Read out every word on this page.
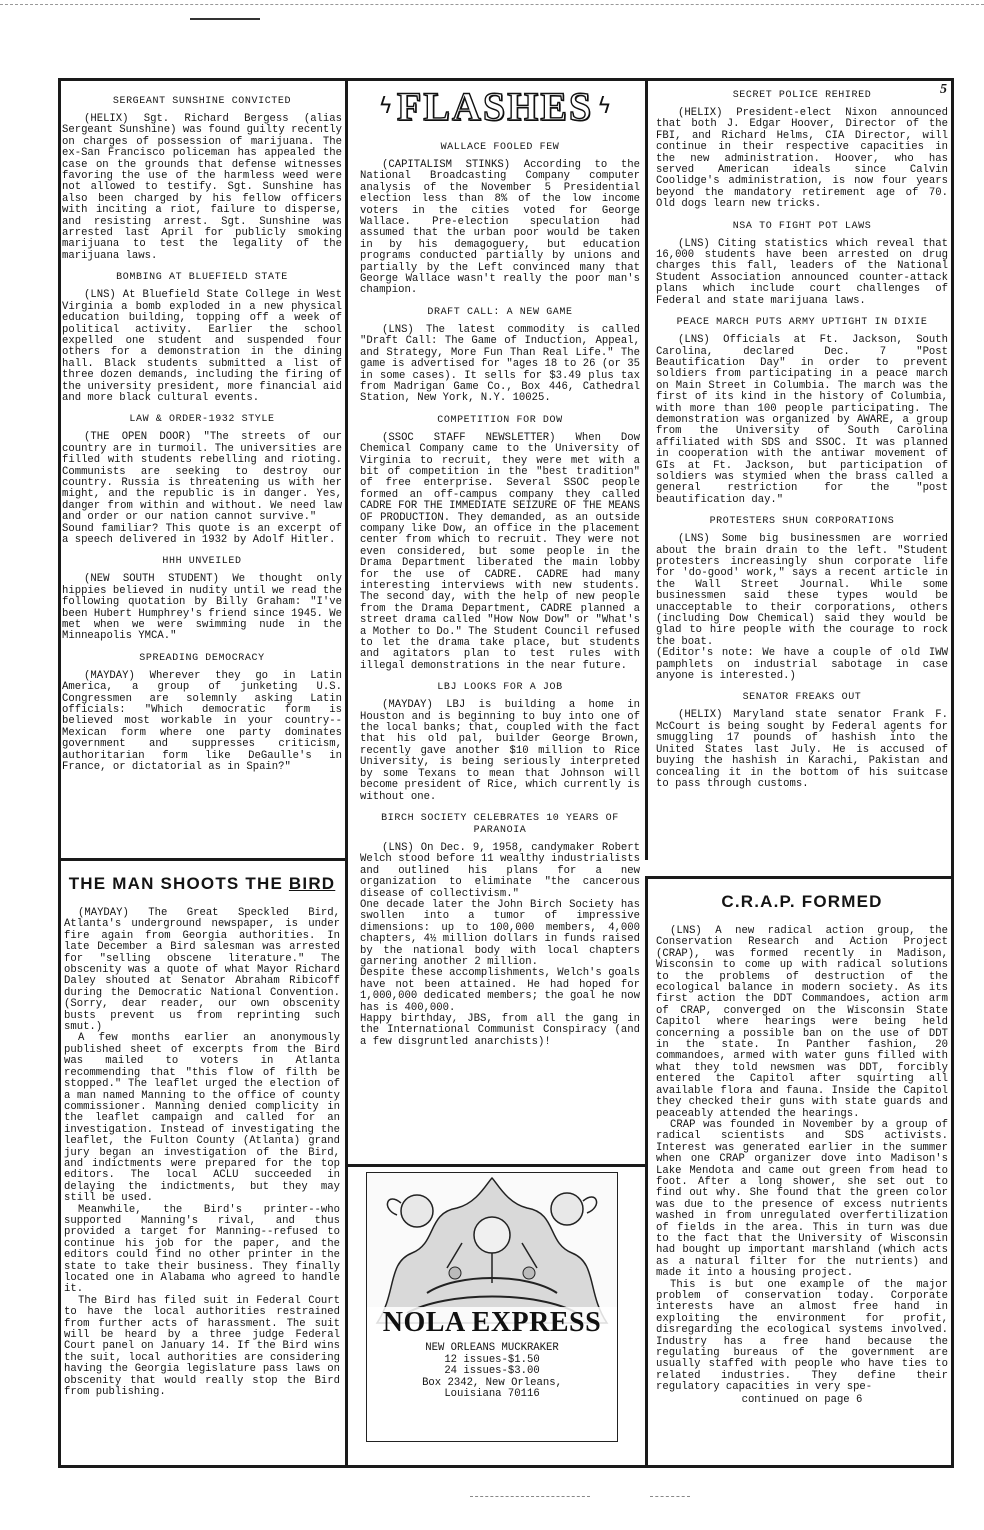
5
ϟ FLASHES ϟ
SERGEANT SUNSHINE CONVICTED

(HELIX) Sgt. Richard Bergess (alias Sergeant Sunshine) was found guilty recently on charges of possession of marijuana. The ex-San Francisco policeman has appealed the case on the grounds that defense witnesses favoring the use of the harmless weed were not allowed to testify. Sgt. Sunshine has also been charged by his fellow officers with inciting a riot, failure to disperse, and resisting arrest. Sgt. Sunshine was arrested last April for publicly smoking marijuana to test the legality of the marijuana laws.

BOMBING AT BLUEFIELD STATE

(LNS) At Bluefield State College in West Virginia a bomb exploded in a new physical education building, topping off a week of political activity. Earlier the school expelled one student and suspended four others for a demonstration in the dining hall. Black students submitted a list of three dozen demands, including the firing of the university president, more financial aid and more black cultural events.

LAW & ORDER-1932 STYLE

(THE OPEN DOOR) "The streets of our country are in turmoil. The universities are filled with students rebelling and rioting. Communists are seeking to destroy our country. Russia is threatening us with her might, and the republic is in danger. Yes, danger from within and without. We need law and order or our nation cannot survive."
Sound familiar? This quote is an excerpt of a speech delivered in 1932 by Adolf Hitler.

HHH UNVEILED

(NEW SOUTH STUDENT) We thought only hippies believed in nudity until we read the following quotation by Billy Graham: "I've been Hubert Humphrey's friend since 1945. We met when we were swimming nude in the Minneapolis YMCA."

SPREADING DEMOCRACY

(MAYDAY) Wherever they go in Latin America, a group of junketing U.S. Congressmen are solemnly asking Latin officials: "Which democratic form is believed most workable in your country--Mexican form where one party dominates government and suppresses criticism, authoritarian form like DeGaulle's in France, or dictatorial as in Spain?"

WALLACE FOOLED FEW

(CAPITALISM STINKS) According to the National Broadcasting Company computer analysis of the November 5 Presidential election less than 8% of the low income voters in the cities voted for George Wallace. Pre-election speculation had assumed that the urban poor would be taken in by his demagoguery, but education programs conducted partially by unions and partially by the Left convinced many that George Wallace wasn't really the poor man's champion.

DRAFT CALL: A NEW GAME

(LNS) The latest commodity is called "Draft Call: The Game of Induction, Appeal, and Strategy, More Fun Than Real Life." The game is advertised for "ages 18 to 26 (or 35 in some cases). It sells for $3.49 plus tax from Madrigan Game Co., Box 446, Cathedral Station, New York, N.Y. 10025.

COMPETITION FOR DOW

(SSOC STAFF NEWSLETTER) When Dow Chemical Company came to the University of Virginia to recruit, they were met with a bit of competition in the "best tradition" of free enterprise. Several SSOC people formed an off-campus company they called CADRE FOR THE IMMEDIATE SEIZURE OF THE MEANS OF PRODUCTION. They demanded, as an outside company like Dow, an office in the placement center from which to recruit. They were not even considered, but some people in the Drama Department liberated the main lobby for the use of CADRE. CADRE had many interesting interviews with new students. The second day, with the help of new people from the Drama Department, CADRE planned a street drama called "How Now Dow" or "What's a Mother to Do." The Student Council refused to let the drama take place, but students and agitators plan to test rules with illegal demonstrations in the near future.

LBJ LOOKS FOR A JOB

(MAYDAY) LBJ is building a home in Houston and is beginning to buy into one of the local banks; that, coupled with the fact that his old pal, builder George Brown, recently gave another $10 million to Rice University, is being seriously interpreted by some Texans to mean that Johnson will become president of Rice, which currently is without one.

BIRCH SOCIETY CELEBRATES 10 YEARS OF PARANOIA

(LNS) On Dec. 9, 1958, candymaker Robert Welch stood before 11 wealthy industrialists and outlined his plans for a new organization to eliminate "the cancerous disease of collectivism."
One decade later the John Birch Society has swollen into a tumor of impressive dimensions: up to 100,000 members, 4,000 chapters, 4½ million dollars in funds raised by the national body with local chapters garnering another 2 million.
Despite these accomplishments, Welch's goals have not been attained. He had hoped for 1,000,000 dedicated members; the goal he now has is 400,000.
Happy birthday, JBS, from all the gang in the International Communist Conspiracy (and a few disgruntled anarchists)!

SECRET POLICE REHIRED

(HELIX) President-elect Nixon announced that both J. Edgar Hoover, Director of the FBI, and Richard Helms, CIA Director, will continue in their respective capacities in the new administration. Hoover, who has served American ideals since Calvin Coolidge's administration, is now four years beyond the mandatory retirement age of 70. Old dogs learn new tricks.

NSA TO FIGHT POT LAWS

(LNS) Citing statistics which reveal that 16,000 students have been arrested on drug charges this fall, leaders of the National Student Association announced counter-attack plans which include court challenges of Federal and state marijuana laws.

PEACE MARCH PUTS ARMY UPTIGHT IN DIXIE

(LNS) Officials at Ft. Jackson, South Carolina, declared Dec. 7 "Post Beautification Day" in order to prevent soldiers from participating in a peace march on Main Street in Columbia. The march was the first of its kind in the history of Columbia, with more than 100 people participating. The demonstration was organized by AWARE, a group from the University of South Carolina affiliated with SDS and SSOC. It was planned in cooperation with the antiwar movement of GIs at Ft. Jackson, but participation of soldiers was stymied when the brass called a general restriction for the "post beautification day."

PROTESTERS SHUN CORPORATIONS

(LNS) Some big businessmen are worried about the brain drain to the left. "Student protesters increasingly shun corporate life for 'do-good' work," says a recent article in the Wall Street Journal. While some businessmen said these types would be unacceptable to their corporations, others (including Dow Chemical) said they would be glad to hire people with the courage to rock the boat.
(Editor's note: We have a couple of old IWW pamphlets on industrial sabotage in case anyone is interested.)

SENATOR FREAKS OUT

(HELIX) Maryland state senator Frank F. McCourt is being sought by Federal agents for smuggling 17 pounds of hashish into the United States last July. He is accused of buying the hashish in Karachi, Pakistan and concealing it in the bottom of his suitcase to pass through customs.

THE MAN SHOOTS THE BIRD

(MAYDAY) The Great Speckled Bird, Atlanta's underground newspaper, is under fire again from Georgia authorities. In late December a Bird salesman was arrested for "selling obscene literature." The obscenity was a quote of what Mayor Richard Daley shouted at Senator Abraham Ribicoff during the Democratic National Convention. (Sorry, dear reader, our own obscenity busts prevent us from reprinting such smut.)

A few months earlier an anonymously published sheet of excerpts from the Bird was mailed to voters in Atlanta recommending that "this flow of filth be stopped." The leaflet urged the election of a man named Manning to the office of county commissioner. Manning denied complicity in the leaflet campaign and called for an investigation. Instead of investigating the leaflet, the Fulton County (Atlanta) grand jury began an investigation of the Bird, and indictments were prepared for the top editors. The local ACLU succeeded in delaying the indictments, but they may still be used.

Meanwhile, the Bird's printer--who supported Manning's rival, and thus provided a target for Manning--refused to continue his job for the paper, and the editors could find no other printer in the state to take their business. They finally located one in Alabama who agreed to handle it.

The Bird has filed suit in Federal Court to have the local authorities restrained from further acts of harassment. The suit will be heard by a three judge Federal Court panel on January 14. If the Bird wins the suit, local authorities are considering having the Georgia legislature pass laws on obscenity that would really stop the Bird from publishing.

C.R.A.P. FORMED

(LNS) A new radical action group, the Conservation Research and Action Project (CRAP), was formed recently in Madison, Wisconsin to come up with radical solutions to the problems of destruction of the ecological balance in modern society. As its first action the DDT Commandoes, action arm of CRAP, converged on the Wisconsin State Capitol where hearings were being held concerning a possible ban on the use of DDT in the state. In Panther fashion, 20 commandoes, armed with water guns filled with what they told newsmen was DDT, forcibly entered the Capitol after squirting all available flora and fauna. Inside the Capitol they checked their guns with state guards and peaceably attended the hearings.

CRAP was founded in November by a group of radical scientists and SDS activists. Interest was generated earlier in the summer when one CRAP organizer dove into Madison's Lake Mendota and came out green from head to foot. After a long shower, she set out to find out why. She found that the green color was due to the presence of excess nutrients washed in from unregulated overfertilization of fields in the area. This in turn was due to the fact that the University of Wisconsin had bought up important marshland (which acts as a natural filter for the nutrients) and made it into a housing project.

This is but one example of the major problem of conservation today. Corporate interests have an almost free hand in exploiting the environment for profit, disregarding the ecological systems involved. Industry has a free hand because the regulating bureaus of the government are usually staffed with people who have ties to related industries. They define their regulatory capacities in very spe-

continued on page 6
NOLA EXPRESS
NEW ORLEANS MUCKRAKER
12 issues-$1.50
24 issues-$3.00
Box 2342, New Orleans,
Louisiana 70116
